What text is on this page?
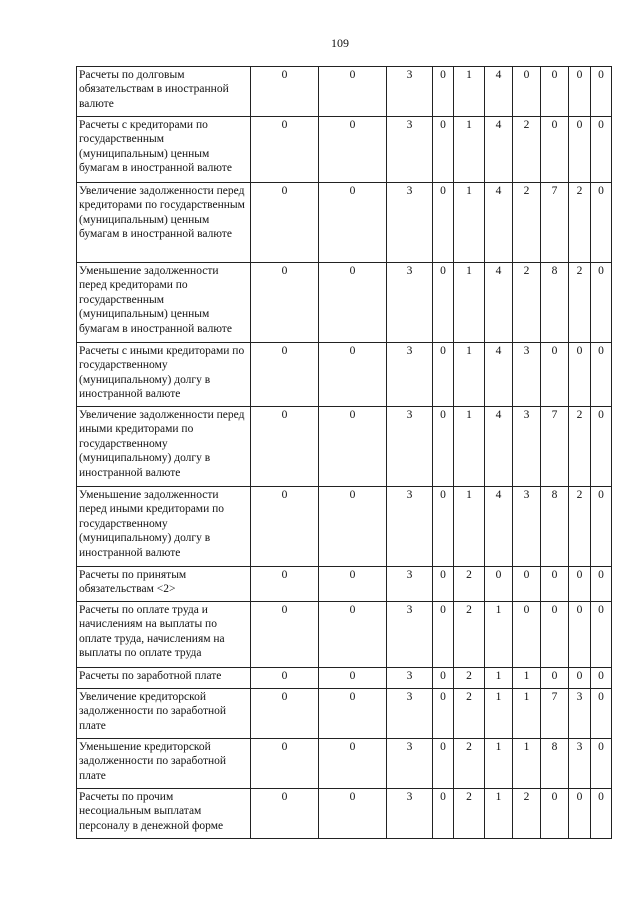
109
Расчеты по долговым обязательствам в иностранной валюте	0	0	3	0	1	4	0	0	0	0
Расчеты с кредиторами по государственным (муниципальным) ценным бумагам в иностранной валюте	0	0	3	0	1	4	2	0	0	0
Увеличение задолженности перед кредиторами по государственным (муниципальным) ценным бумагам в иностранной валюте	0	0	3	0	1	4	2	7	2	0
Уменьшение задолженности перед кредиторами по государственным (муниципальным) ценным бумагам в иностранной валюте	0	0	3	0	1	4	2	8	2	0
Расчеты с иными кредиторами по государственному (муниципальному) долгу в иностранной валюте	0	0	3	0	1	4	3	0	0	0
Увеличение задолженности перед иными кредиторами по государственному (муниципальному) долгу в иностранной валюте	0	0	3	0	1	4	3	7	2	0
Уменьшение задолженности перед иными кредиторами по государственному (муниципальному) долгу в иностранной валюте	0	0	3	0	1	4	3	8	2	0
Расчеты по принятым обязательствам <2>	0	0	3	0	2	0	0	0	0	0
Расчеты по оплате труда и начислениям на выплаты по оплате труда, начислениям на выплаты по оплате труда	0	0	3	0	2	1	0	0	0	0
Расчеты по заработной плате	0	0	3	0	2	1	1	0	0	0
Увеличение кредиторской задолженности по заработной плате	0	0	3	0	2	1	1	7	3	0
Уменьшение кредиторской задолженности по заработной плате	0	0	3	0	2	1	1	8	3	0
Расчеты по прочим несоциальным выплатам персоналу в денежной форме	0	0	3	0	2	1	2	0	0	0
